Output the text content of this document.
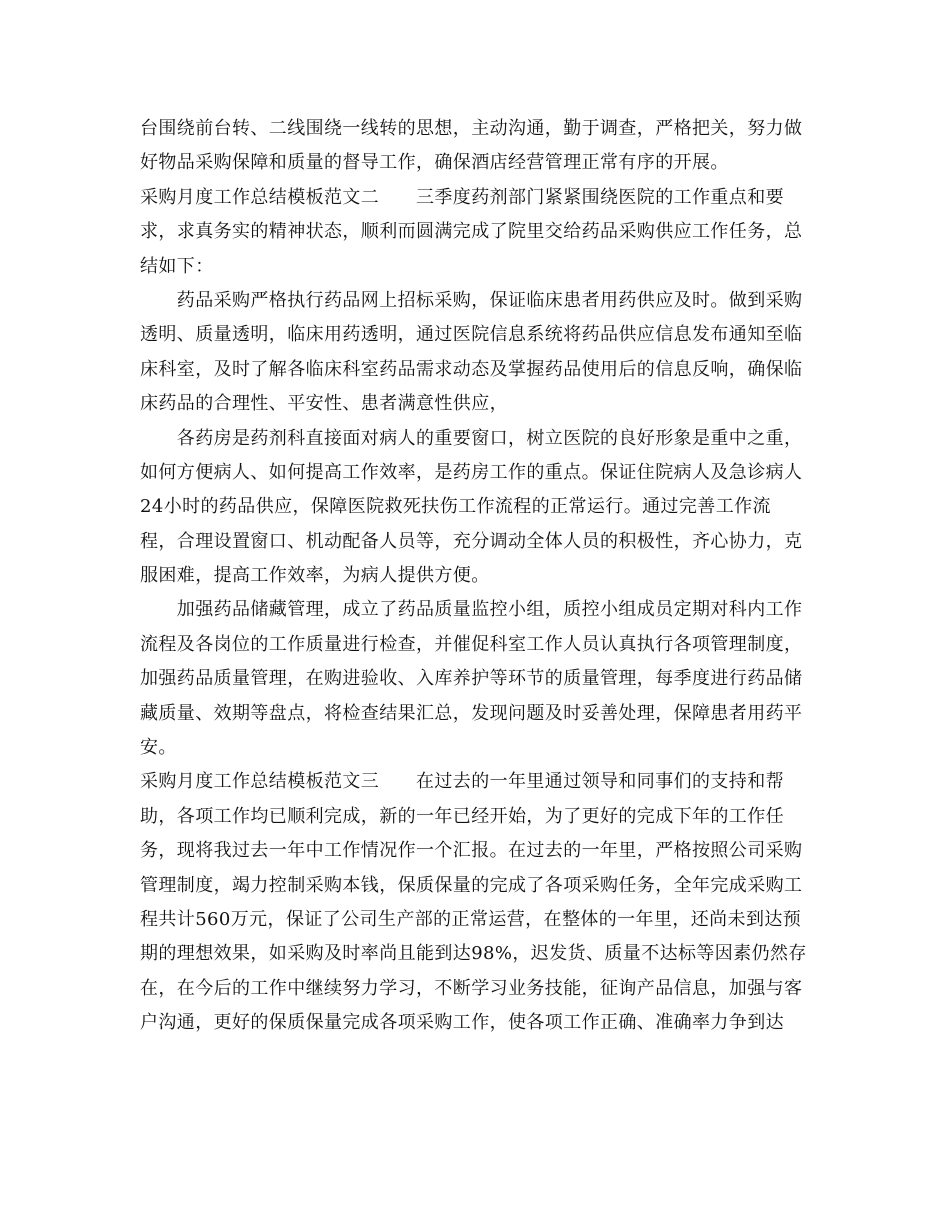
台围绕前台转、二线围绕一线转的思想，主动沟通，勤于调查，严格把关，努力做
好物品采购保障和质量的督导工作，确保酒店经营管理正常有序的开展。
采购月度工作总结模板范文二　　三季度药剂部门紧紧围绕医院的工作重点和要
求，求真务实的精神状态，顺利而圆满完成了院里交给药品采购供应工作任务，总
结如下：
　　药品采购严格执行药品网上招标采购，保证临床患者用药供应及时。做到采购
透明、质量透明，临床用药透明，通过医院信息系统将药品供应信息发布通知至临
床科室，及时了解各临床科室药品需求动态及掌握药品使用后的信息反响，确保临
床药品的合理性、平安性、患者满意性供应，
　　各药房是药剂科直接面对病人的重要窗口，树立医院的良好形象是重中之重，
如何方便病人、如何提高工作效率，是药房工作的重点。保证住院病人及急诊病人
24小时的药品供应，保障医院救死扶伤工作流程的正常运行。通过完善工作流
程，合理设置窗口、机动配备人员等，充分调动全体人员的积极性，齐心协力，克
服困难，提高工作效率，为病人提供方便。
　　加强药品储藏管理，成立了药品质量监控小组，质控小组成员定期对科内工作
流程及各岗位的工作质量进行检查，并催促科室工作人员认真执行各项管理制度，
加强药品质量管理，在购进验收、入库养护等环节的质量管理，每季度进行药品储
藏质量、效期等盘点，将检查结果汇总，发现问题及时妥善处理，保障患者用药平
安。
采购月度工作总结模板范文三　　在过去的一年里通过领导和同事们的支持和帮
助，各项工作均已顺利完成，新的一年已经开始，为了更好的完成下年的工作任
务，现将我过去一年中工作情况作一个汇报。在过去的一年里，严格按照公司采购
管理制度，竭力控制采购本钱，保质保量的完成了各项采购任务，全年完成采购工
程共计560万元，保证了公司生产部的正常运营，在整体的一年里，还尚未到达预
期的理想效果，如采购及时率尚且能到达98%，迟发货、质量不达标等因素仍然存
在，在今后的工作中继续努力学习，不断学习业务技能，征询产品信息，加强与客
户沟通，更好的保质保量完成各项采购工作，使各项工作正确、准确率力争到达
